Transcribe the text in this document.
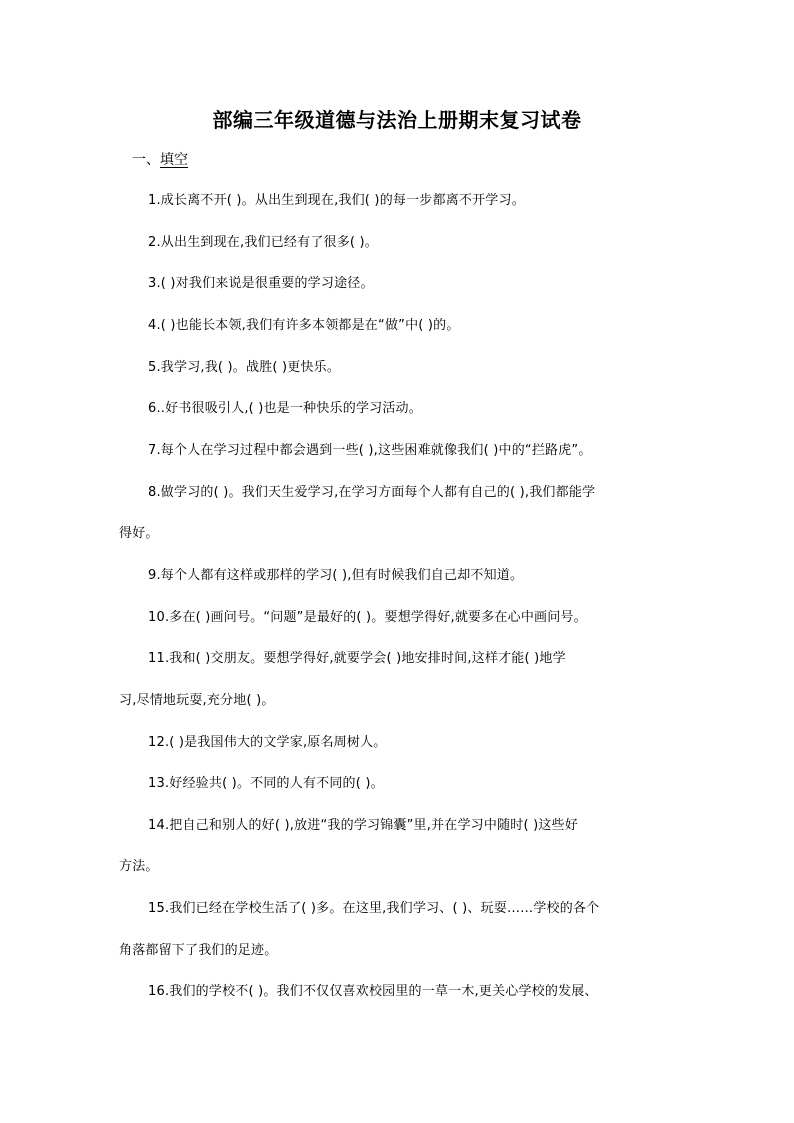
部编三年级道德与法治上册期末复习试卷
一、填空
1.成长离不开( )。从出生到现在,我们( )的每一步都离不开学习。
2.从出生到现在,我们已经有了很多( )。
3.( )对我们来说是很重要的学习途径。
4.( )也能长本领,我们有许多本领都是在“做”中( )的。
5.我学习,我( )。战胜( )更快乐。
6..好书很吸引人,( )也是一种快乐的学习活动。
7.每个人在学习过程中都会遇到一些( ),这些困难就像我们( )中的“拦路虎”。
8.做学习的( )。我们天生爱学习,在学习方面每个人都有自己的( ),我们都能学
得好。
9.每个人都有这样或那样的学习( ),但有时候我们自己却不知道。
10.多在( )画问号。“问题”是最好的( )。要想学得好,就要多在心中画问号。
11.我和( )交朋友。要想学得好,就要学会( )地安排时间,这样才能( )地学
习,尽情地玩耍,充分地( )。
12.( )是我国伟大的文学家,原名周树人。
13.好经验共( )。不同的人有不同的( )。
14.把自己和别人的好( ),放进“我的学习锦囊”里,并在学习中随时( )这些好
方法。
15.我们已经在学校生活了( )多。在这里,我们学习、( )、玩耍……学校的各个
角落都留下了我们的足迹。
16.我们的学校不( )。我们不仅仅喜欢校园里的一草一木,更关心学校的发展、
